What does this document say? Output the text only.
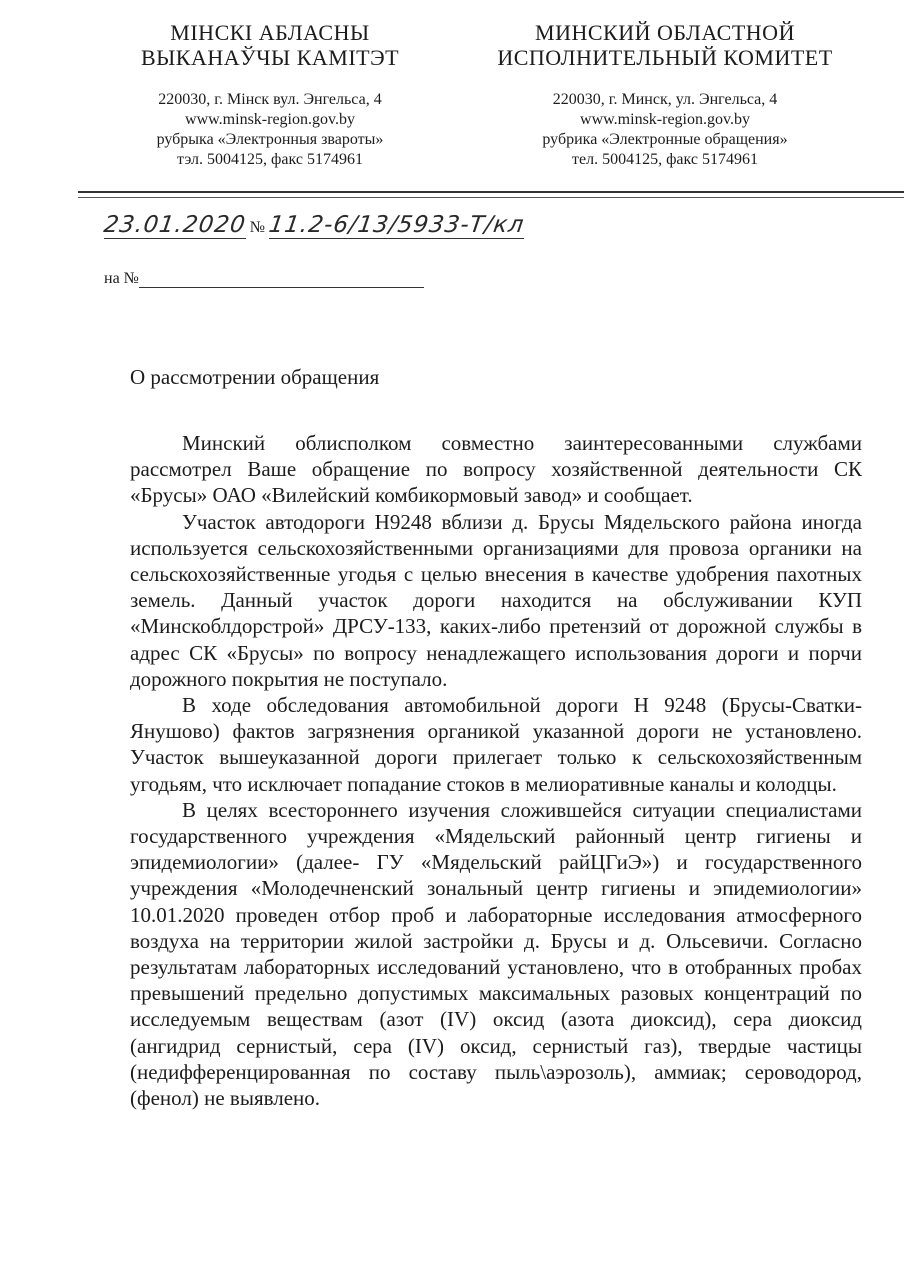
МІНСКІ АБЛАСНЫ
ВЫКАНАЎЧЫ КАМІТЭТ
220030, г. Мінск вул. Энгельса, 4
www.minsk-region.gov.by
рубрыка «Электронныя звароты»
тэл. 5004125, факс 5174961
МИНСКИЙ ОБЛАСТНОЙ
ИСПОЛНИТЕЛЬНЫЙ КОМИТЕТ
220030, г. Минск, ул. Энгельса, 4
www.minsk-region.gov.by
рубрика «Электронные обращения»
тел. 5004125, факс 5174961
23.01.2020 № 11.2-6/13/5933-Т/кл
на №
О рассмотрении обращения

Минский облисполком совместно заинтересованными службами рассмотрел Ваше обращение по вопросу хозяйственной деятельности СК «Брусы» ОАО «Вилейский комбикормовый завод» и сообщает.

Участок автодороги Н9248 вблизи д. Брусы Мядельского района иногда используется сельскохозяйственными организациями для провоза органики на сельскохозяйственные угодья с целью внесения в качестве удобрения пахотных земель. Данный участок дороги находится на обслуживании КУП «Минскоблдорстрой» ДРСУ-133, каких-либо претензий от дорожной службы в адрес СК «Брусы» по вопросу ненадлежащего использования дороги и порчи дорожного покрытия не поступало.

В ходе обследования автомобильной дороги Н 9248 (Брусы-Сватки-Янушово) фактов загрязнения органикой указанной дороги не установлено. Участок вышеуказанной дороги прилегает только к сельскохозяйственным угодьям, что исключает попадание стоков в мелиоративные каналы и колодцы.

В целях всестороннего изучения сложившейся ситуации специалистами государственного учреждения «Мядельский районный центр гигиены и эпидемиологии» (далее- ГУ «Мядельский райЦГиЭ») и государственного учреждения «Молодечненский зональный центр гигиены и эпидемиологии» 10.01.2020 проведен отбор проб и лабораторные исследования атмосферного воздуха на территории жилой застройки д. Брусы и д. Ольсевичи. Согласно результатам лабораторных исследований установлено, что в отобранных пробах превышений предельно допустимых максимальных разовых концентраций по исследуемым веществам (азот (IV) оксид (азота диоксид), сера диоксид (ангидрид сернистый, сера (IV) оксид, сернистый газ), твердые частицы (недифференцированная по составу пыль\аэрозоль), аммиак; сероводород, (фенол) не выявлено.
